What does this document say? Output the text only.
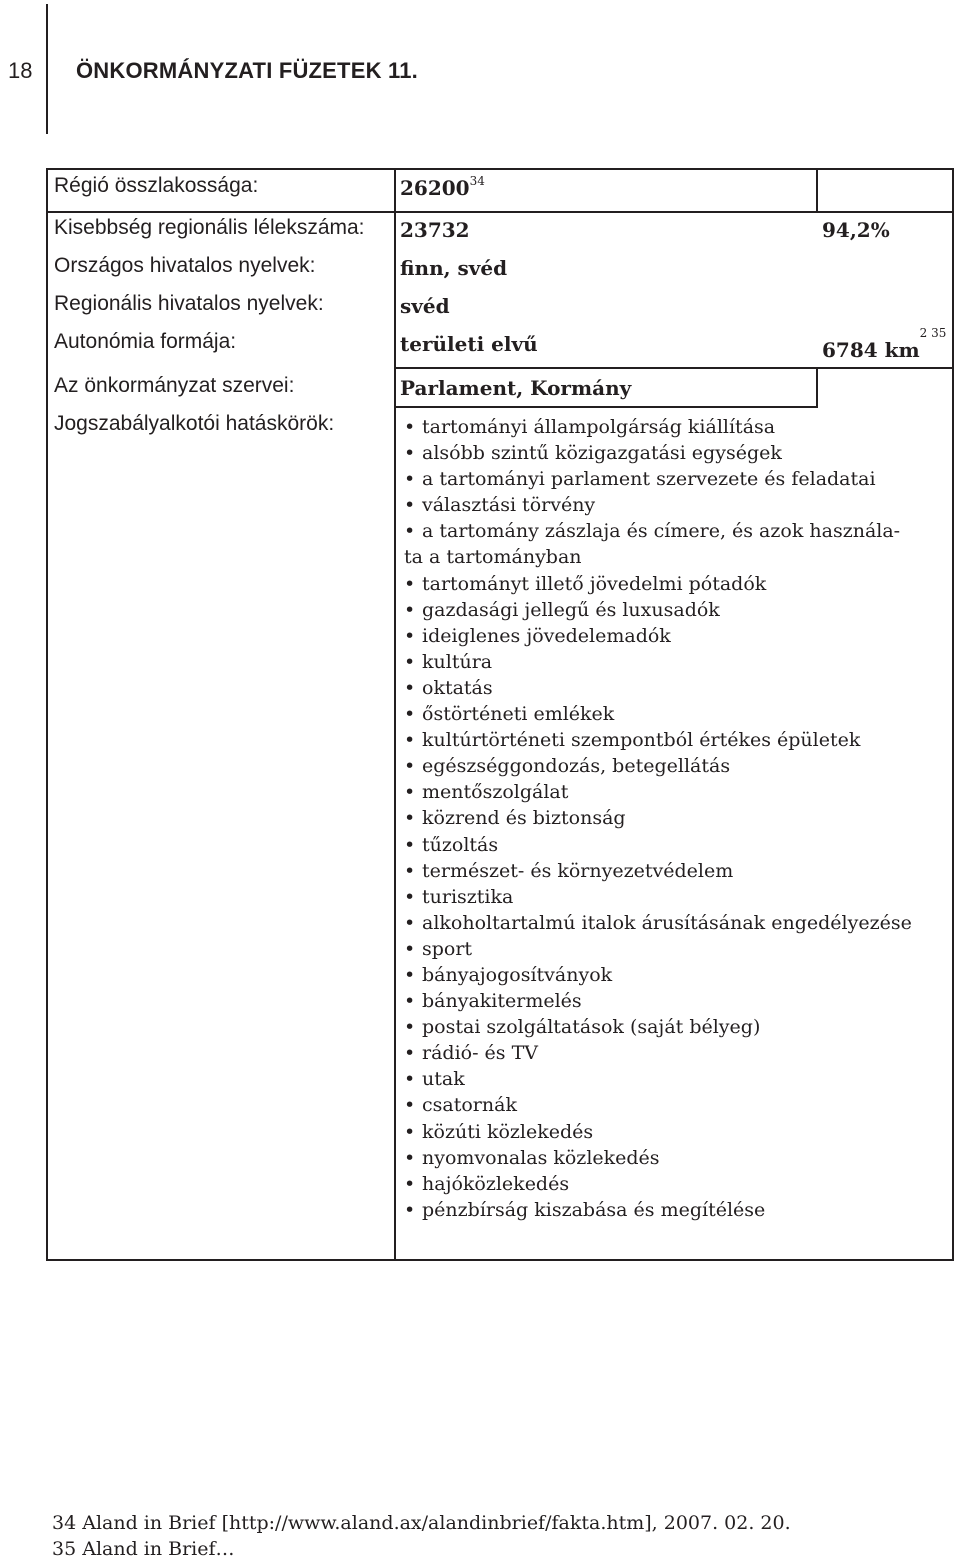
18 ÖNKORMÁNYZATI FÜZETEK 11.
Régió összlakossága:	26200$^{34}$
Kisebbség regionális lélekszáma: 23732	94,2%
Országos hivatalos nyelvek:	finn, svéd
Regionális hivatalos nyelvek:	svéd
Autonómia formája:	területi elvű	6784 $km^{2 35}$
Az önkormányzat szervei:	Parlament, Kormány
Jogszabályalkotói hatáskörök:	• tartományi állampolgárság kiállítása
• alsóbb szintű közigazgatási egységek
• a tartományi parlament szervezete és feladatai
• választási törvény
• a tartomány zászlaja és címere, és azok használa-
ta a tartományban
• tartományt illető jövedelmi pótadók
• gazdasági jellegű és luxusadók
• ideiglenes jövedelemadók
• kultúra
• oktatás
• őstörténeti emlékek
• kultúrtörténeti szempontból értékes épületek
• egészséggondozás, betegellátás
• mentőszolgálat
• közrend és biztonság
• tűzoltás
• természet- és környezetvédelem
• turisztika
• alkoholtartalmú italok árusításának engedélyezése
• sport
• bányajogosítványok
• bányakitermelés
• postai szolgáltatások (saját bélyeg)
• rádió- és TV
• utak
• csatornák
• közúti közlekedés
• nyomvonalas közlekedés
• hajóközlekedés
• pénzbírság kiszabása és megítélése
34 Aland in Brief [http://www.aland.ax/alandinbrief/fakta.htm], 2007. 02. 20.
35 Aland in Brief…
